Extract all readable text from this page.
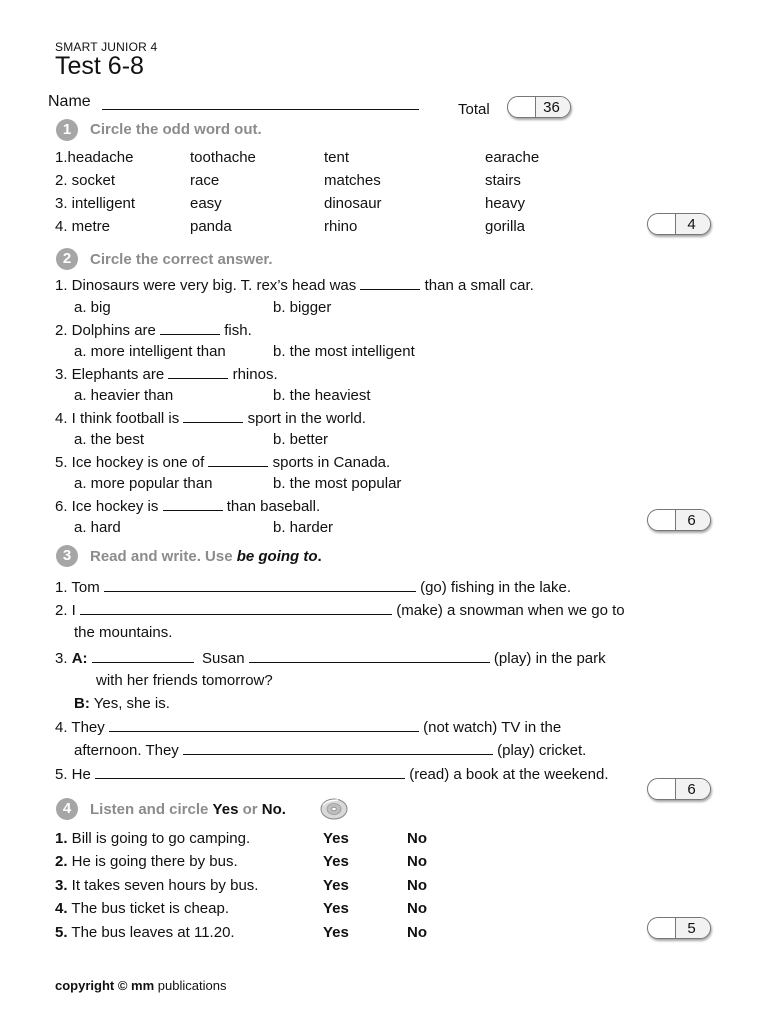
SMART JUNIOR 4
Test 6-8
Name	Total	36
1	Circle the odd word out.
1.headache	toothache	tent	earache
2. socket	race	matches	stairs
3. intelligent	easy	dinosaur	heavy
4. metre	panda	rhino	gorilla	4
2	Circle the correct answer.
1. Dinosaurs were very big. T. rex’s head was	than a small car.
a. big	b. bigger
2. Dolphins are	fish.
a. more intelligent than	b. the most intelligent
3. Elephants are	rhinos.
a. heavier than	b. the heaviest
4. I think football is	sport in the world.
a. the best	b. better
5. Ice hockey is one of	sports in Canada.
a. more popular than	b. the most popular
6. Ice hockey is	than baseball.
a. hard	b. harder	6
3	Read and write. Use be going to.
1. Tom	(go) fishing in the lake.
2. I	(make) a snowman when we go to
the mountains.
3. A:	Susan	(play) in the park
with her friends tomorrow?
B: Yes, she is.
4. They	(not watch) TV in the
afternoon. They	(play) cricket.
5. He	(read) a book at the weekend.
6
4	Listen and circle Yes or No.
1. Bill is going to go camping.	Yes	No
2. He is going there by bus.	Yes	No
3. It takes seven hours by bus.	Yes	No
4. The bus ticket is cheap.	Yes	No
5. The bus leaves at 11.20.	Yes	No	5
copyright © mm publications
